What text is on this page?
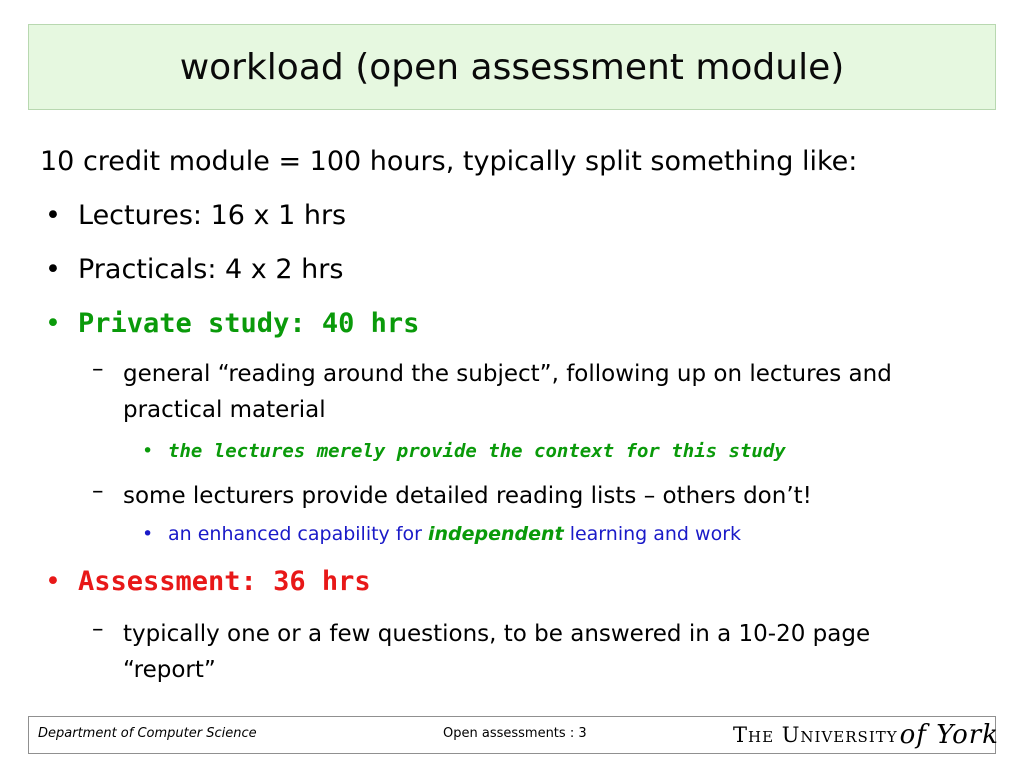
workload (open assessment module)
10 credit module = 100 hours, typically split something like:
• Lectures: 16 x 1 hrs
• Practicals: 4 x 2 hrs
• Private study: 40 hrs
– general “reading around the subject”, following up on lectures and practical material
• the lectures merely provide the context for this study
– some lecturers provide detailed reading lists – others don’t!
• an enhanced capability for independent learning and work
• Assessment: 36 hrs
– typically one or a few questions, to be answered in a 10-20 page “report”
Department of Computer Science	Open assessments : 3	The University of York
